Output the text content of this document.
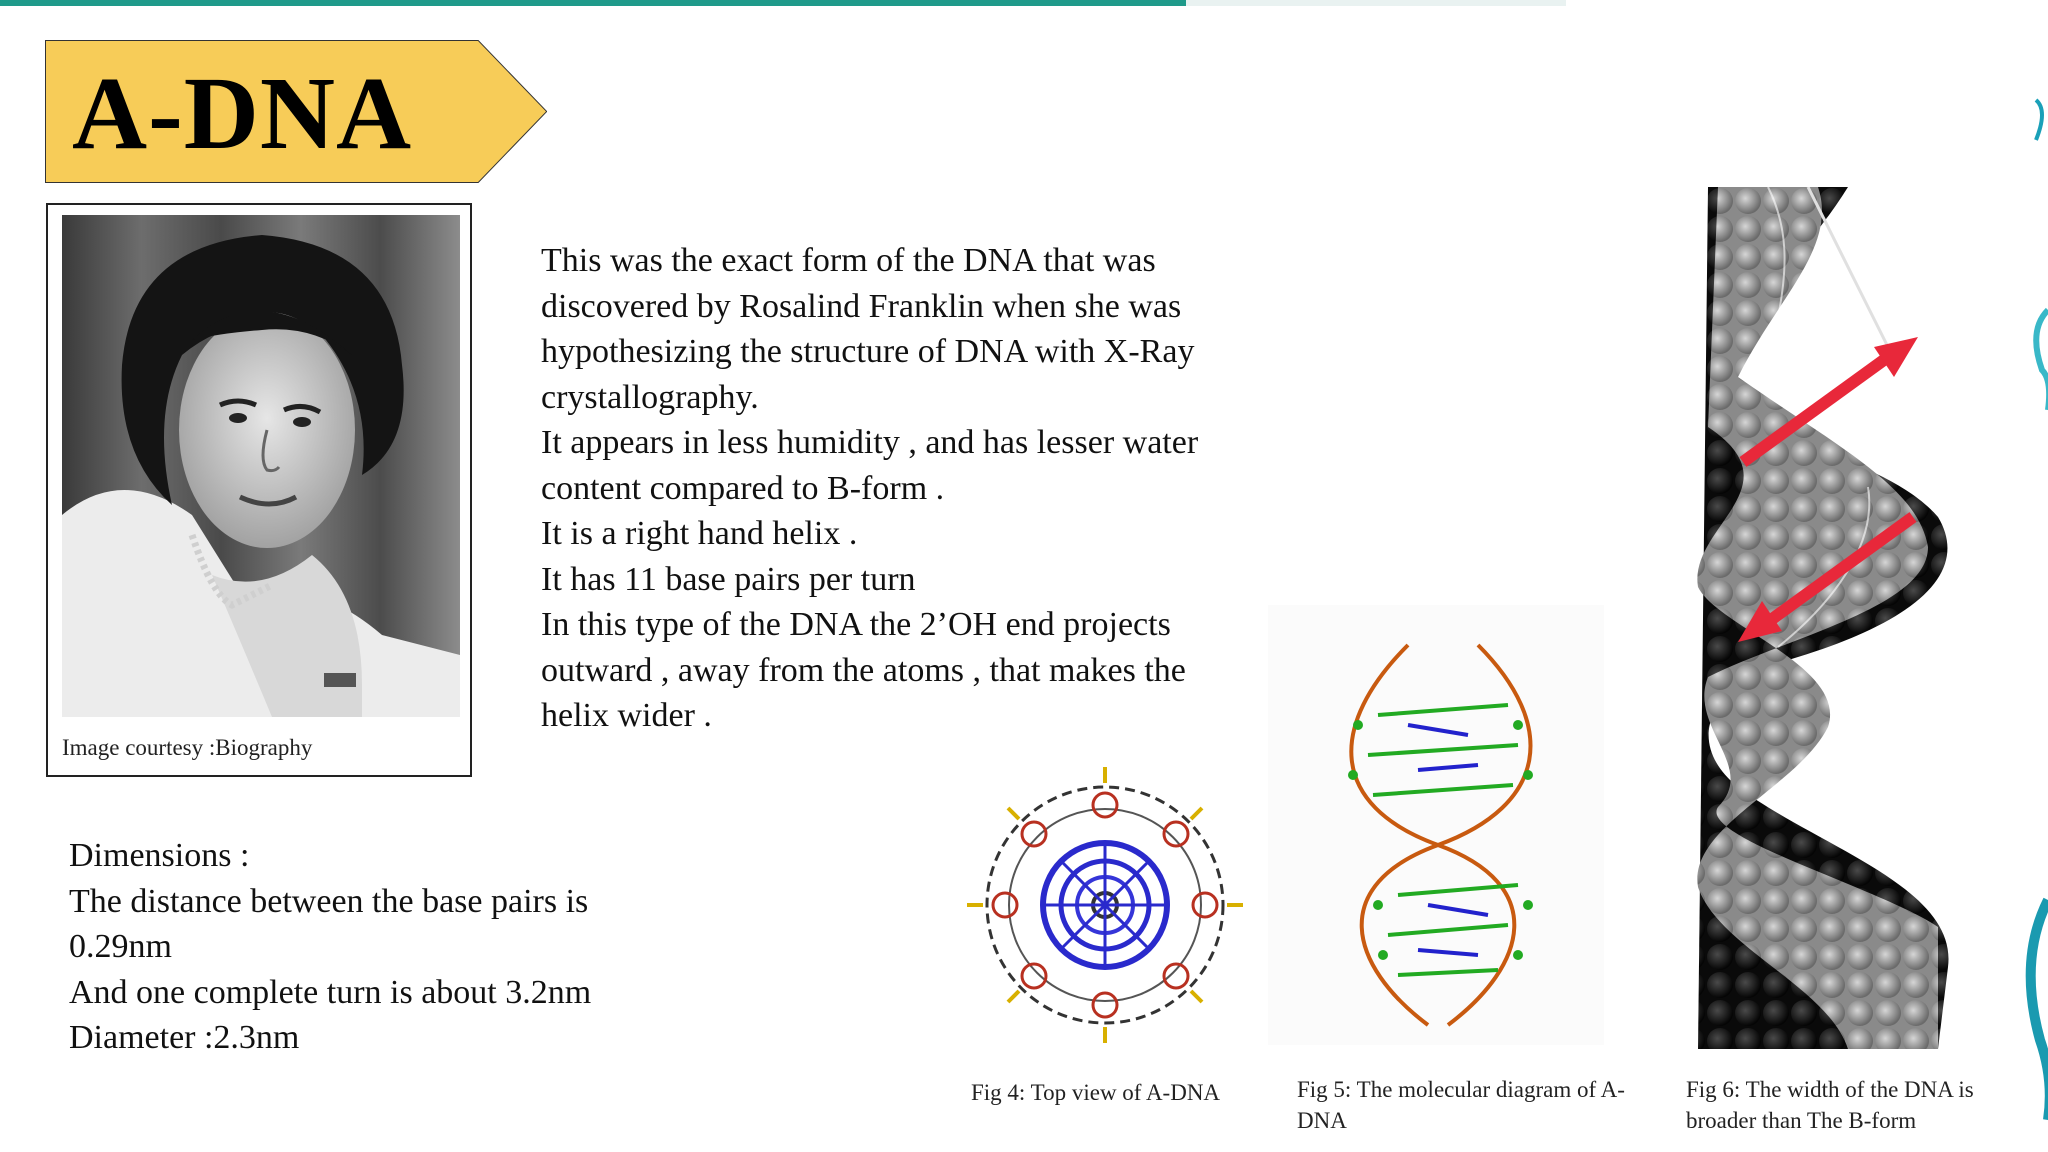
A-DNA
Image courtesy :Biography

This was the exact form of the DNA that was

discovered by Rosalind Franklin when she was

hypothesizing the structure of DNA with X-Ray

crystallography.

It appears in less humidity , and has lesser water

content compared to B-form .

It is a right hand helix .

It has 11 base pairs per turn

In this type of the DNA the 2’OH end projects

outward , away from the atoms , that makes the

helix wider .

Dimensions :

The distance between the base pairs is

0.29nm

And one complete turn is about 3.2nm

Diameter :2.3nm

Fig 4: Top view of A-DNA	Fig 5: The molecular diagram of A-
DNA
Fig 6: The width of the DNA is
broader than The B-form
